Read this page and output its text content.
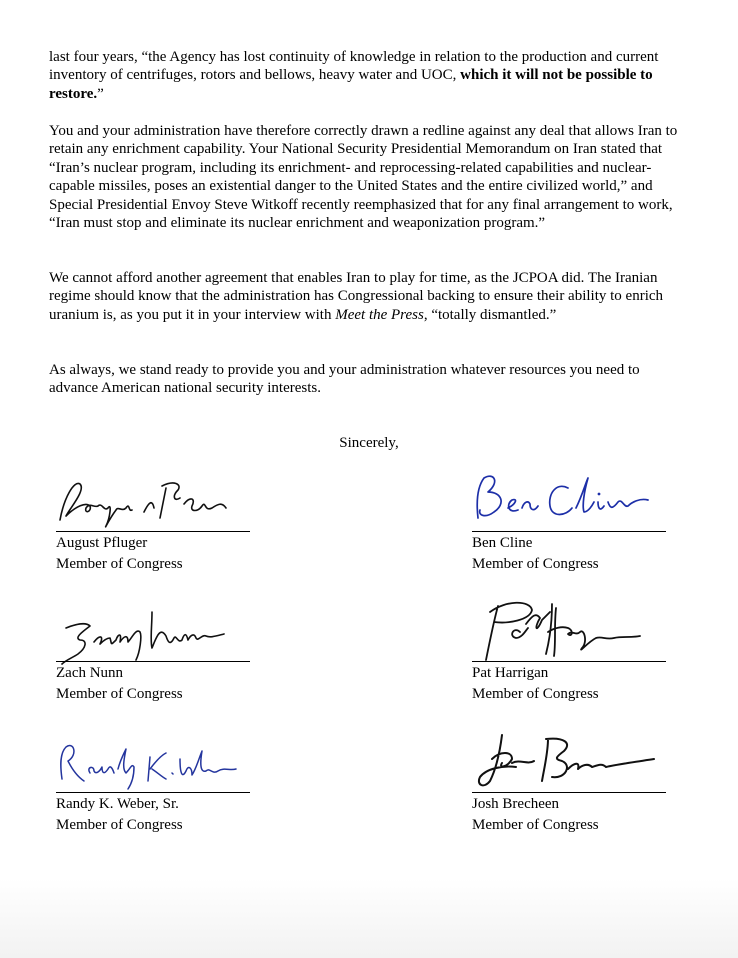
last four years, “the Agency has lost continuity of knowledge in relation to the production and current inventory of centrifuges, rotors and bellows, heavy water and UOC, which it will not be possible to restore.”

You and your administration have therefore correctly drawn a redline against any deal that allows Iran to retain any enrichment capability. Your National Security Presidential Memorandum on Iran stated that “Iran’s nuclear program, including its enrichment- and reprocessing-related capabilities and nuclear-capable missiles, poses an existential danger to the United States and the entire civilized world,” and Special Presidential Envoy Steve Witkoff recently reemphasized that for any final arrangement to work, “Iran must stop and eliminate its nuclear enrichment and weaponization program.”

We cannot afford another agreement that enables Iran to play for time, as the JCPOA did. The Iranian regime should know that the administration has Congressional backing to ensure their ability to enrich uranium is, as you put it in your interview with Meet the Press, “totally dismantled.”

As always, we stand ready to provide you and your administration whatever resources you need to advance American national security interests.

Sincerely,
August Pfluger
Member of Congress
Ben Cline
Member of Congress
Zach Nunn
Member of Congress
Pat Harrigan
Member of Congress
Randy K. Weber, Sr.
Member of Congress
Josh Brecheen
Member of Congress
